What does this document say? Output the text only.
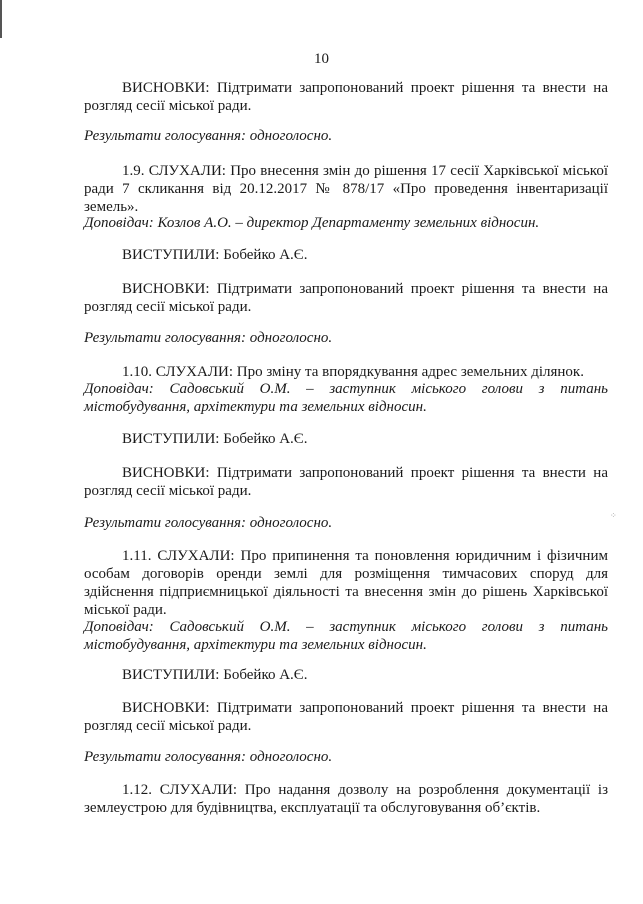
10

ВИСНОВКИ: Підтримати запропонований проект рішення та внести на розгляд сесії міської ради.

Результати голосування: одноголосно.

1.9. СЛУХАЛИ: Про внесення змін до рішення 17 сесії Харківської міської ради 7 скликання від 20.12.2017 № 878/17 «Про проведення інвентаризації земель».

Доповідач: Козлов А.О. – директор Департаменту земельних відносин.

ВИСТУПИЛИ: Бобейко А.Є.

ВИСНОВКИ: Підтримати запропонований проект рішення та внести на розгляд сесії міської ради.

Результати голосування: одноголосно.

1.10. СЛУХАЛИ: Про зміну та впорядкування адрес земельних ділянок.

Доповідач: Садовський О.М. – заступник міського голови з питань містобудування, архітектури та земельних відносин.

ВИСТУПИЛИ: Бобейко А.Є.

ВИСНОВКИ: Підтримати запропонований проект рішення та внести на розгляд сесії міської ради.

Результати голосування: одноголосно.

1.11. СЛУХАЛИ: Про припинення та поновлення юридичним і фізичним особам договорів оренди землі для розміщення тимчасових споруд для здійснення підприємницької діяльності та внесення змін до рішень Харківської міської ради.

Доповідач: Садовський О.М. – заступник міського голови з питань містобудування, архітектури та земельних відносин.

ВИСТУПИЛИ: Бобейко А.Є.

ВИСНОВКИ: Підтримати запропонований проект рішення та внести на розгляд сесії міської ради.

Результати голосування: одноголосно.

1.12. СЛУХАЛИ: Про надання дозволу на розроблення документації із землеустрою для будівництва, експлуатації та обслуговування об’єктів.

⁘
